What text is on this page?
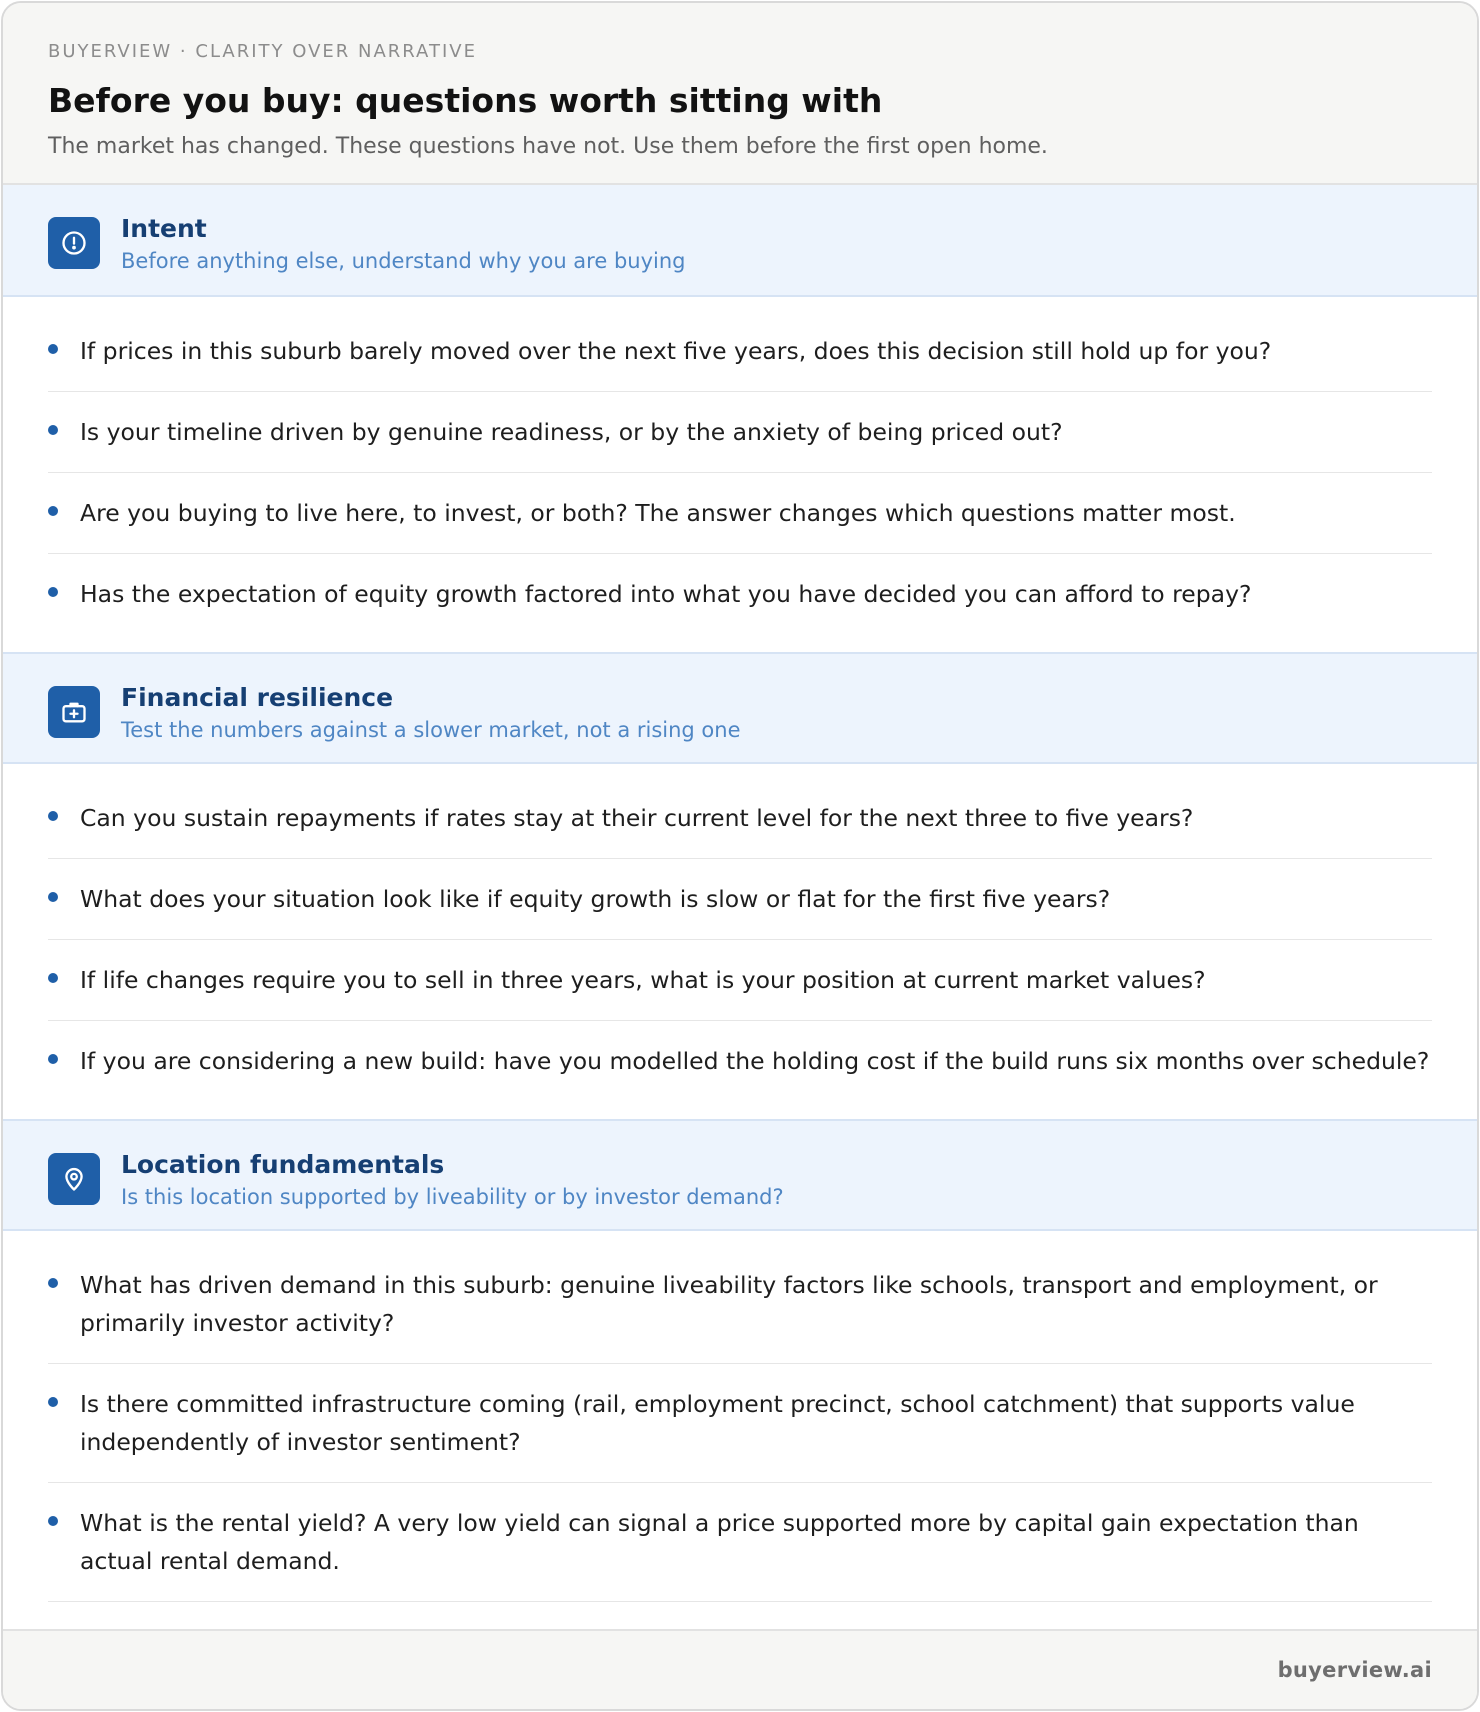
BUYERVIEW · CLARITY OVER NARRATIVE
Before you buy: questions worth sitting with
The market has changed. These questions have not. Use them before the first open home.
Intent
Before anything else, understand why you are buying
If prices in this suburb barely moved over the next five years, does this decision still hold up for you?
Is your timeline driven by genuine readiness, or by the anxiety of being priced out?
Are you buying to live here, to invest, or both? The answer changes which questions matter most.
Has the expectation of equity growth factored into what you have decided you can afford to repay?
Financial resilience
Test the numbers against a slower market, not a rising one
Can you sustain repayments if rates stay at their current level for the next three to five years?
What does your situation look like if equity growth is slow or flat for the first five years?
If life changes require you to sell in three years, what is your position at current market values?
If you are considering a new build: have you modelled the holding cost if the build runs six months over schedule?
Location fundamentals
Is this location supported by liveability or by investor demand?
What has driven demand in this suburb: genuine liveability factors like schools, transport and employment, or primarily investor activity?
Is there committed infrastructure coming (rail, employment precinct, school catchment) that supports value independently of investor sentiment?
What is the rental yield? A very low yield can signal a price supported more by capital gain expectation than actual rental demand.
buyerview.ai
